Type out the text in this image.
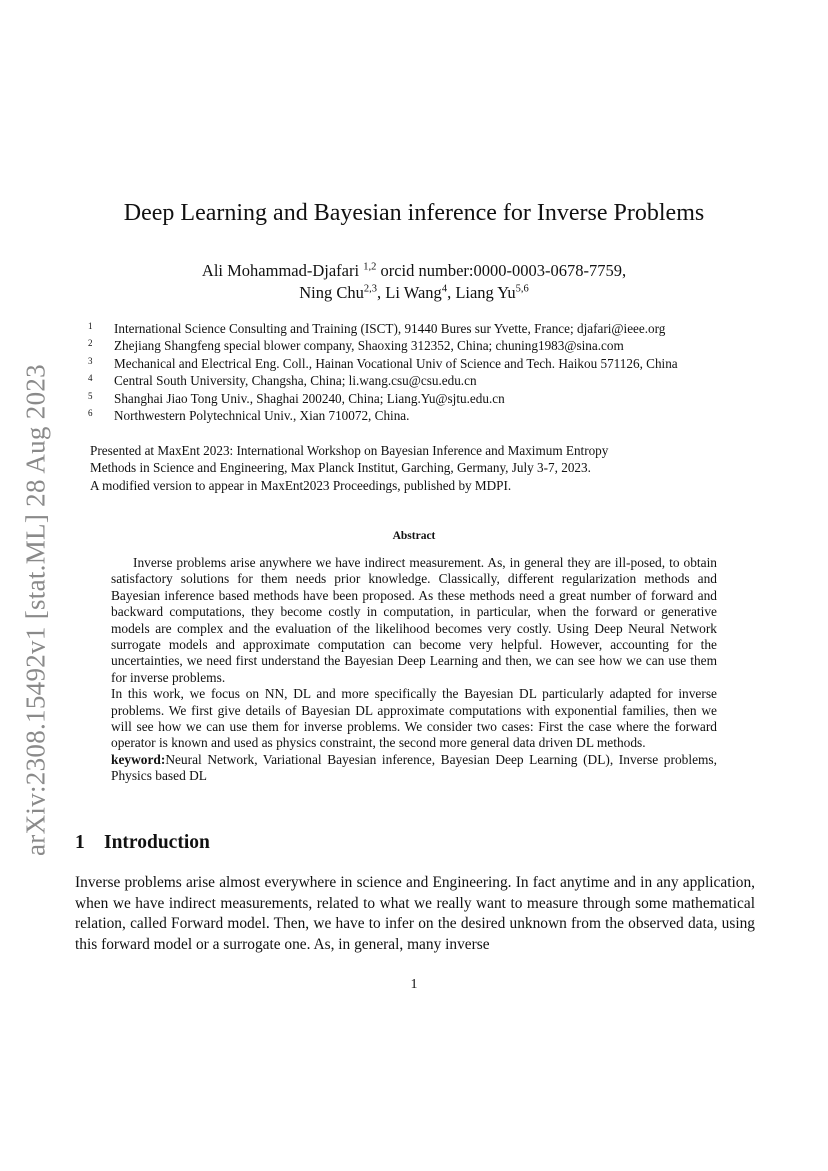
arXiv:2308.15492v1 [stat.ML] 28 Aug 2023
Deep Learning and Bayesian inference for Inverse Problems
Ali Mohammad-Djafari $^{1,2}$ orcid number:0000-0003-0678-7759,
Ning Chu$^{2,3}$, Li Wang$^4$, Liang Yu$^{5,6}$
1	International Science Consulting and Training (ISCT), 91440 Bures sur Yvette, France; djafari@ieee.org
2	Zhejiang Shangfeng special blower company, Shaoxing 312352, China; chuning1983@sina.com
3	Mechanical and Electrical Eng. Coll., Hainan Vocational Univ of Science and Tech. Haikou 571126, China
4	Central South University, Changsha, China; li.wang.csu@csu.edu.cn
5	Shanghai Jiao Tong Univ., Shaghai 200240, China; Liang.Yu@sjtu.edu.cn
6	Northwestern Polytechnical Univ., Xian 710072, China.
Presented at MaxEnt 2023: International Workshop on Bayesian Inference and Maximum Entropy
Methods in Science and Engineering, Max Planck Institut, Garching, Germany, July 3-7, 2023.
A modified version to appear in MaxEnt2023 Proceedings, published by MDPI.
Abstract

Inverse problems arise anywhere we have indirect measurement. As, in general they are ill-posed, to obtain satisfactory solutions for them needs prior knowledge. Classically, different regularization methods and Bayesian inference based methods have been proposed. As these methods need a great number of forward and backward computations, they become costly in computation, in particular, when the forward or generative models are complex and the evaluation of the likelihood becomes very costly. Using Deep Neural Network surrogate models and approximate computation can become very helpful. However, accounting for the uncertainties, we need first understand the Bayesian Deep Learning and then, we can see how we can use them for inverse problems.

In this work, we focus on NN, DL and more specifically the Bayesian DL particularly adapted for inverse problems. We first give details of Bayesian DL approximate computations with exponential families, then we will see how we can use them for inverse problems. We consider two cases: First the case where the forward operator is known and used as physics constraint, the second more general data driven DL methods.

keyword:Neural Network, Variational Bayesian inference, Bayesian Deep Learning (DL), Inverse problems, Physics based DL

1 Introduction

Inverse problems arise almost everywhere in science and Engineering. In fact anytime and in any application, when we have indirect measurements, related to what we really want to measure through some mathematical relation, called Forward model. Then, we have to infer on the desired unknown from the observed data, using this forward model or a surrogate one. As, in general, many inverse

1
